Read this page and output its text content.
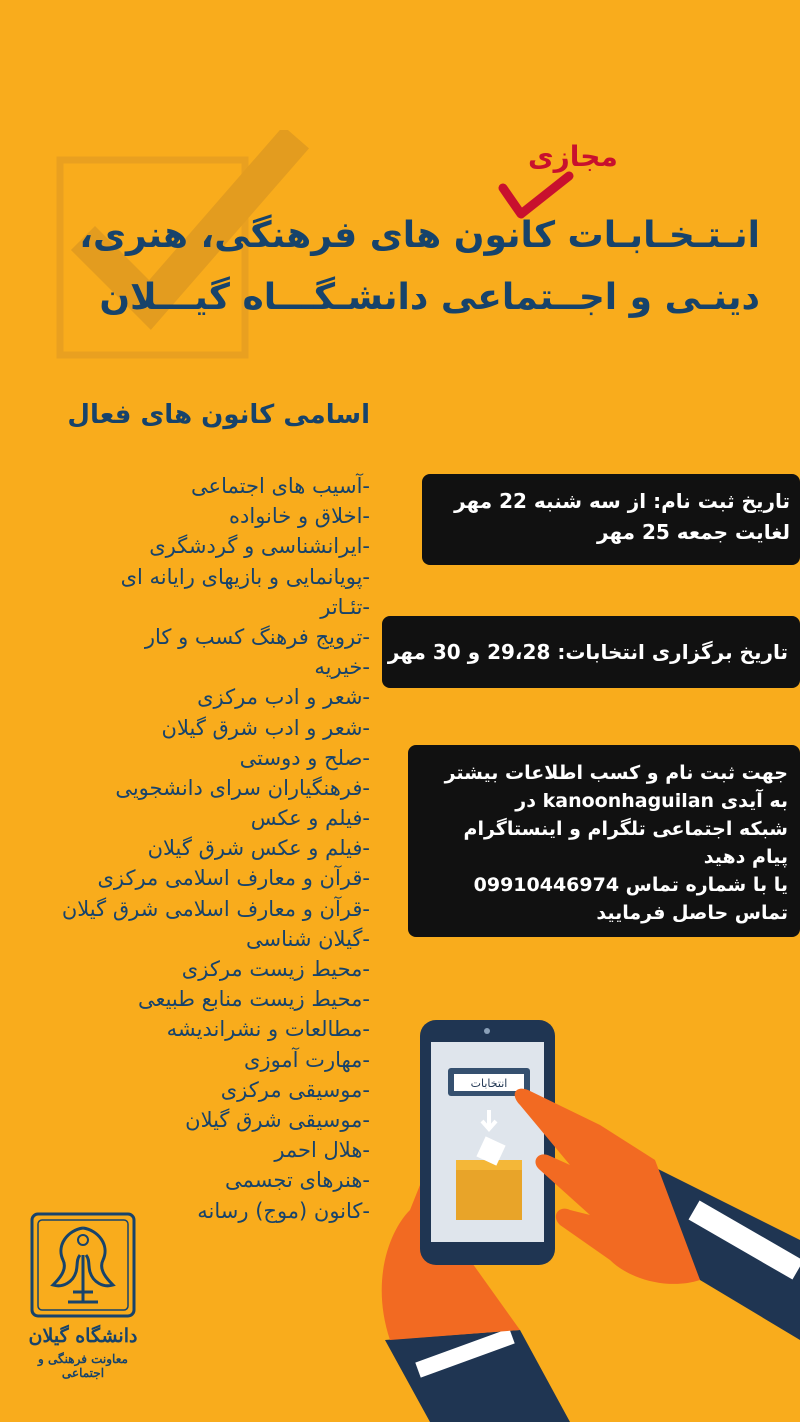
مجازی
انـتـخـابـات کانون های فرهنگی، هنری،
دینـی و اجــتماعی دانشـگـــاه گیـــلان
اسامی کانون های فعال
-آسیب های اجتماعی
-اخلاق و خانواده
-ایرانشناسی و گردشگری
-پویانمایی و بازیهای رایانه ای
-تئـاتر
-ترویج فرهنگ کسب و کار
-خیریه
-شعر و ادب مرکزی
-شعر و ادب شرق گیلان
-صلح و دوستی
-فرهنگیاران سرای دانشجویی
-فیلم و عکس
-فیلم و عکس شرق گیلان
-قرآن و معارف اسلامی مرکزی
-قرآن و معارف اسلامی شرق گیلان
-گیلان شناسی
-محیط زیست مرکزی
-محیط زیست منابع طبیعی
-مطالعات و نشراندیشه
-مهارت آموزی
-موسیقی مرکزی
-موسیقی شرق گیلان
-هلال احمر
-هنرهای تجسمی
-کانون (موج) رسانه
تاریخ ثبت نام: از سه شنبه 22 مهر
لغایت جمعه 25 مهر
تاریخ برگزاری انتخابات: 29،28 و 30 مهر
جهت ثبت نام و کسب اطلاعات بیشتر
به آیدی kanoonhaguilan در
شبکه اجتماعی تلگرام و اینستاگرام
پیام دهید
یا با شماره تماس 09910446974
تماس حاصل فرمایید
انتخابات
دانشگاه گیلان
معاونت فرهنگی و اجتماعی
